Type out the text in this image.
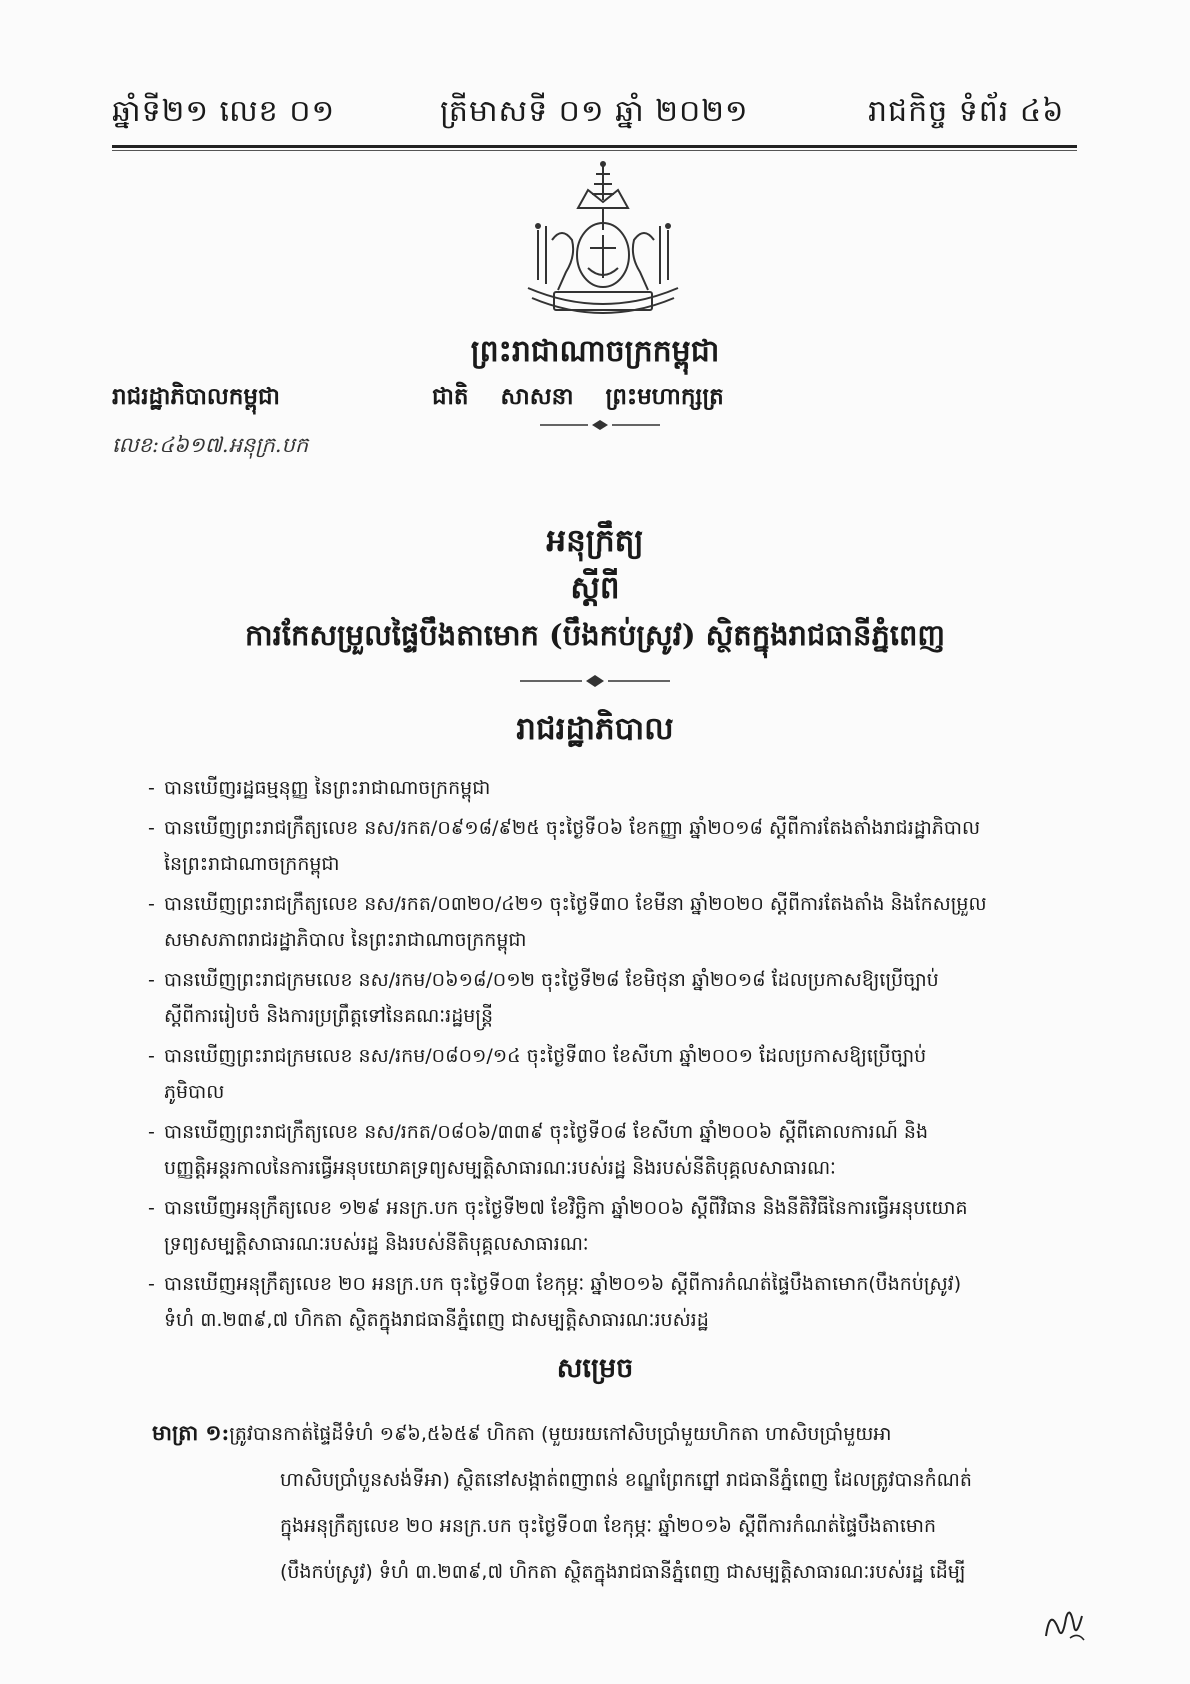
ឆ្នាំទី២១ លេខ ០១	ត្រីមាសទី ០១ ឆ្នាំ ២០២១	រាជកិច្ច ទំព័រ ៤៦
ព្រះរាជាណាចក្រកម្ពុជា
រាជរដ្ឋាភិបាលកម្ពុជា	ជាតិ សាសនា ព្រះមហាក្សត្រ
លេខ:៤៦១៧.អនុក្រ.បក
អនុក្រឹត្យ
ស្តីពី
ការកែសម្រួលផ្ទៃបឹងតាមោក (បឹងកប់ស្រូវ) ស្ថិតក្នុងរាជធានីភ្នំពេញ
រាជរដ្ឋាភិបាល
- បានឃើញរដ្ឋធម្មនុញ្ញ នៃព្រះរាជាណាចក្រកម្ពុជា
- បានឃើញព្រះរាជក្រឹត្យលេខ នស/រកត/០៩១៨/៩២៥ ចុះថ្ងៃទី០៦ ខែកញ្ញា ឆ្នាំ២០១៨ ស្តីពីការតែងតាំងរាជរដ្ឋាភិបាល
នៃព្រះរាជាណាចក្រកម្ពុជា
- បានឃើញព្រះរាជក្រឹត្យលេខ នស/រកត/០៣២០/៤២១ ចុះថ្ងៃទី៣០ ខែមីនា ឆ្នាំ២០២០ ស្តីពីការតែងតាំង និងកែសម្រួល
សមាសភាពរាជរដ្ឋាភិបាល នៃព្រះរាជាណាចក្រកម្ពុជា
- បានឃើញព្រះរាជក្រមលេខ នស/រកម/០៦១៨/០១២ ចុះថ្ងៃទី២៨ ខែមិថុនា ឆ្នាំ២០១៨ ដែលប្រកាសឱ្យប្រើច្បាប់
ស្តីពីការរៀបចំ និងការប្រព្រឹត្តទៅនៃគណៈរដ្ឋមន្ត្រី
- បានឃើញព្រះរាជក្រមលេខ នស/រកម/០៨០១/១៤ ចុះថ្ងៃទី៣០ ខែសីហា ឆ្នាំ២០០១ ដែលប្រកាសឱ្យប្រើច្បាប់
ភូមិបាល
- បានឃើញព្រះរាជក្រឹត្យលេខ នស/រកត/០៨០៦/៣៣៩ ចុះថ្ងៃទី០៨ ខែសីហា ឆ្នាំ២០០៦ ស្តីពីគោលការណ៍ និង
បញ្ញត្តិអន្តរកាលនៃការធ្វើអនុបយោគទ្រព្យសម្បត្តិសាធារណៈរបស់រដ្ឋ និងរបស់នីតិបុគ្គលសាធារណៈ
- បានឃើញអនុក្រឹត្យលេខ ១២៩ អនក្រ.បក ចុះថ្ងៃទី២៧ ខែវិច្ឆិកា ឆ្នាំ២០០៦ ស្តីពីវិធាន និងនីតិវិធីនៃការធ្វើអនុបយោគ
ទ្រព្យសម្បត្តិសាធារណៈរបស់រដ្ឋ និងរបស់នីតិបុគ្គលសាធារណៈ
- បានឃើញអនុក្រឹត្យលេខ ២០ អនក្រ.បក ចុះថ្ងៃទី០៣ ខែកុម្ភៈ ឆ្នាំ២០១៦ ស្តីពីការកំណត់ផ្ទៃបឹងតាមោក(បឹងកប់ស្រូវ)
ទំហំ ៣.២៣៩,៧ ហិកតា ស្ថិតក្នុងរាជធានីភ្នំពេញ ជាសម្បត្តិសាធារណៈរបស់រដ្ឋ
សម្រេច
មាត្រា ១:ត្រូវបានកាត់ផ្ទៃដីទំហំ ១៩៦,៥៦៥៩ ហិកតា (មួយរយកៅសិបប្រាំមួយហិកតា ហាសិបប្រាំមួយអា
ហាសិបប្រាំបួនសង់ទីអា) ស្ថិតនៅសង្កាត់ពញាពន់ ខណ្ឌព្រែកព្នៅ រាជធានីភ្នំពេញ ដែលត្រូវបានកំណត់
ក្នុងអនុក្រឹត្យលេខ ២០ អនក្រ.បក ចុះថ្ងៃទី០៣ ខែកុម្ភៈ ឆ្នាំ២០១៦ ស្តីពីការកំណត់ផ្ទៃបឹងតាមោក
(បឹងកប់ស្រូវ) ទំហំ ៣.២៣៩,៧ ហិកតា ស្ថិតក្នុងរាជធានីភ្នំពេញ ជាសម្បត្តិសាធារណៈរបស់រដ្ឋ ដើម្បី
